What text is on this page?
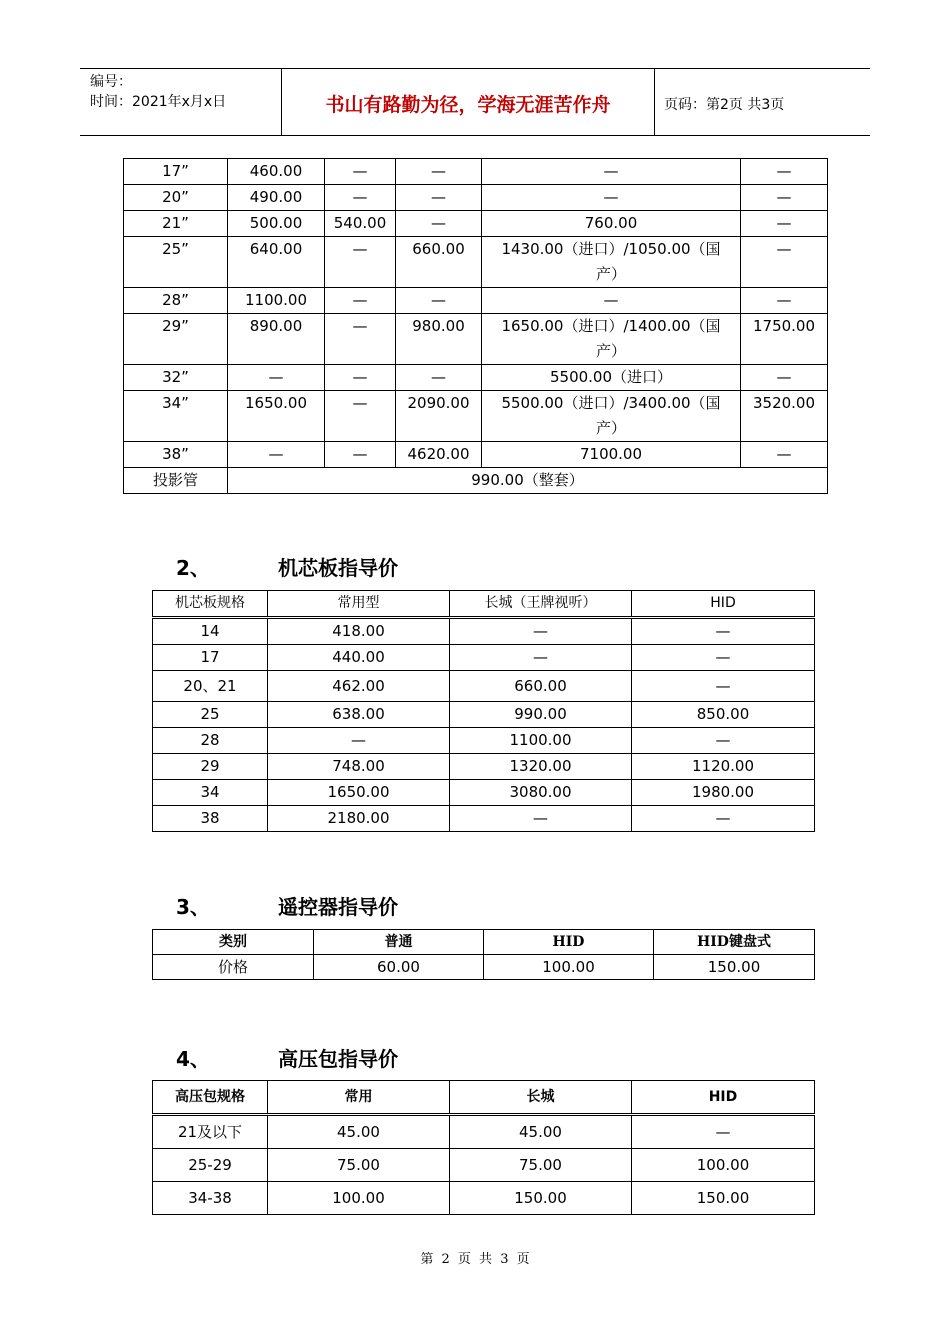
编号：
时间：2021年x月x日	书山有路勤为径，学海无涯苦作舟	页码：第2页 共3页
17”	460.00	—	—	—	—
20”	490.00	—	—	—	—
21”	500.00	540.00	—	760.00	—
25”	640.00	—	660.00	1430.00（进口）/1050.00（国产）	—
28”	1100.00	—	—	—	—
29”	890.00	—	980.00	1650.00（进口）/1400.00（国产）	1750.00
32”	—	—	—	5500.00（进口）	—
34”	1650.00	—	2090.00	5500.00（进口）/3400.00（国产）	3520.00
38”	—	—	4620.00	7100.00	—
投影管	990.00（整套）				
2、	机芯板指导价
机芯板规格	常用型	长城（王牌视听）	HID
14	418.00	—	—
17	440.00	—	—
20、21	462.00	660.00	—
25	638.00	990.00	850.00
28	—	1100.00	—
29	748.00	1320.00	1120.00
34	1650.00	3080.00	1980.00
38	2180.00	—	—
3、	遥控器指导价
类别	普通	HID	HID键盘式
价格	60.00	100.00	150.00
4、	高压包指导价
高压包规格	常用	长城	HID
21及以下	45.00	45.00	—
25-29	75.00	75.00	100.00
34-38	100.00	150.00	150.00
第 2 页 共 3 页
